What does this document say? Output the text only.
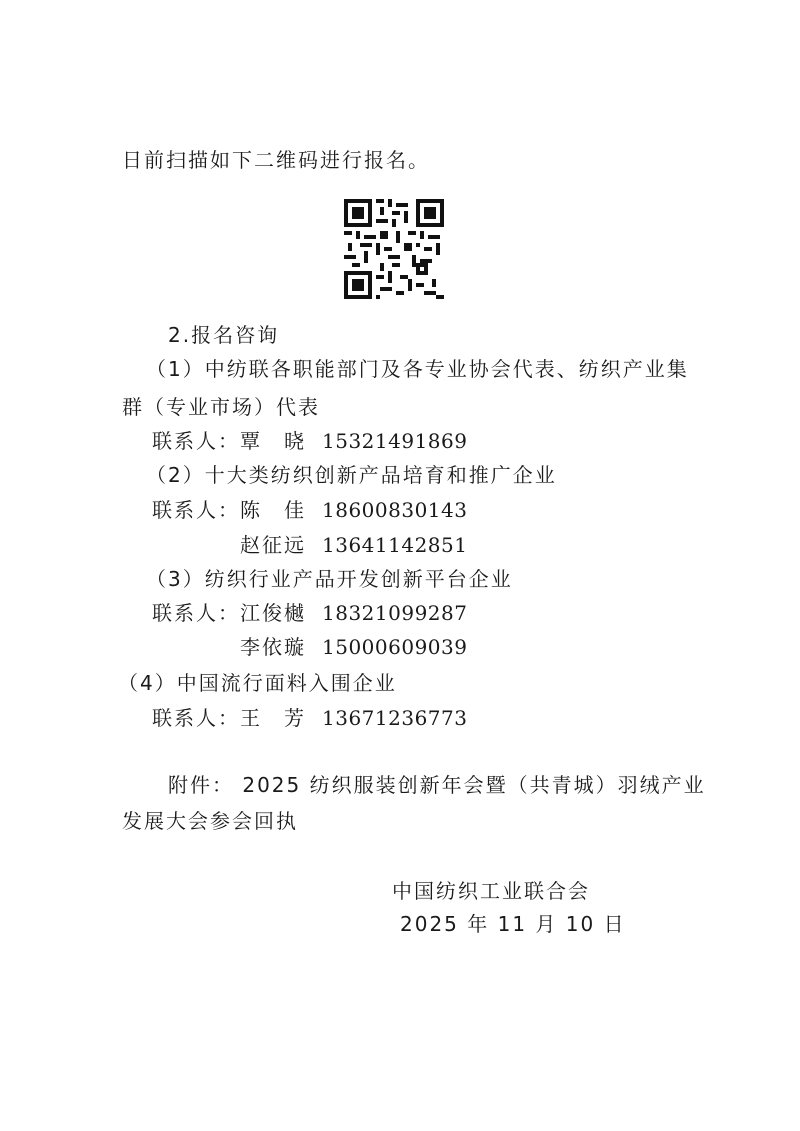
日前扫描如下二维码进行报名。
2.报名咨询
（1）中纺联各职能部门及各专业协会代表、纺织产业集
群（专业市场）代表
联系人：覃　晓 15321491869
（2）十大类纺织创新产品培育和推广企业
联系人：陈　佳 18600830143
赵征远 13641142851
（3）纺织行业产品开发创新平台企业
联系人：江俊樾 18321099287
李依璇 15000609039
（4）中国流行面料入围企业
联系人：王　芳 13671236773
附件： 2025 纺织服装创新年会暨（共青城）羽绒产业
发展大会参会回执
中国纺织工业联合会
2025 年 11 月 10 日
